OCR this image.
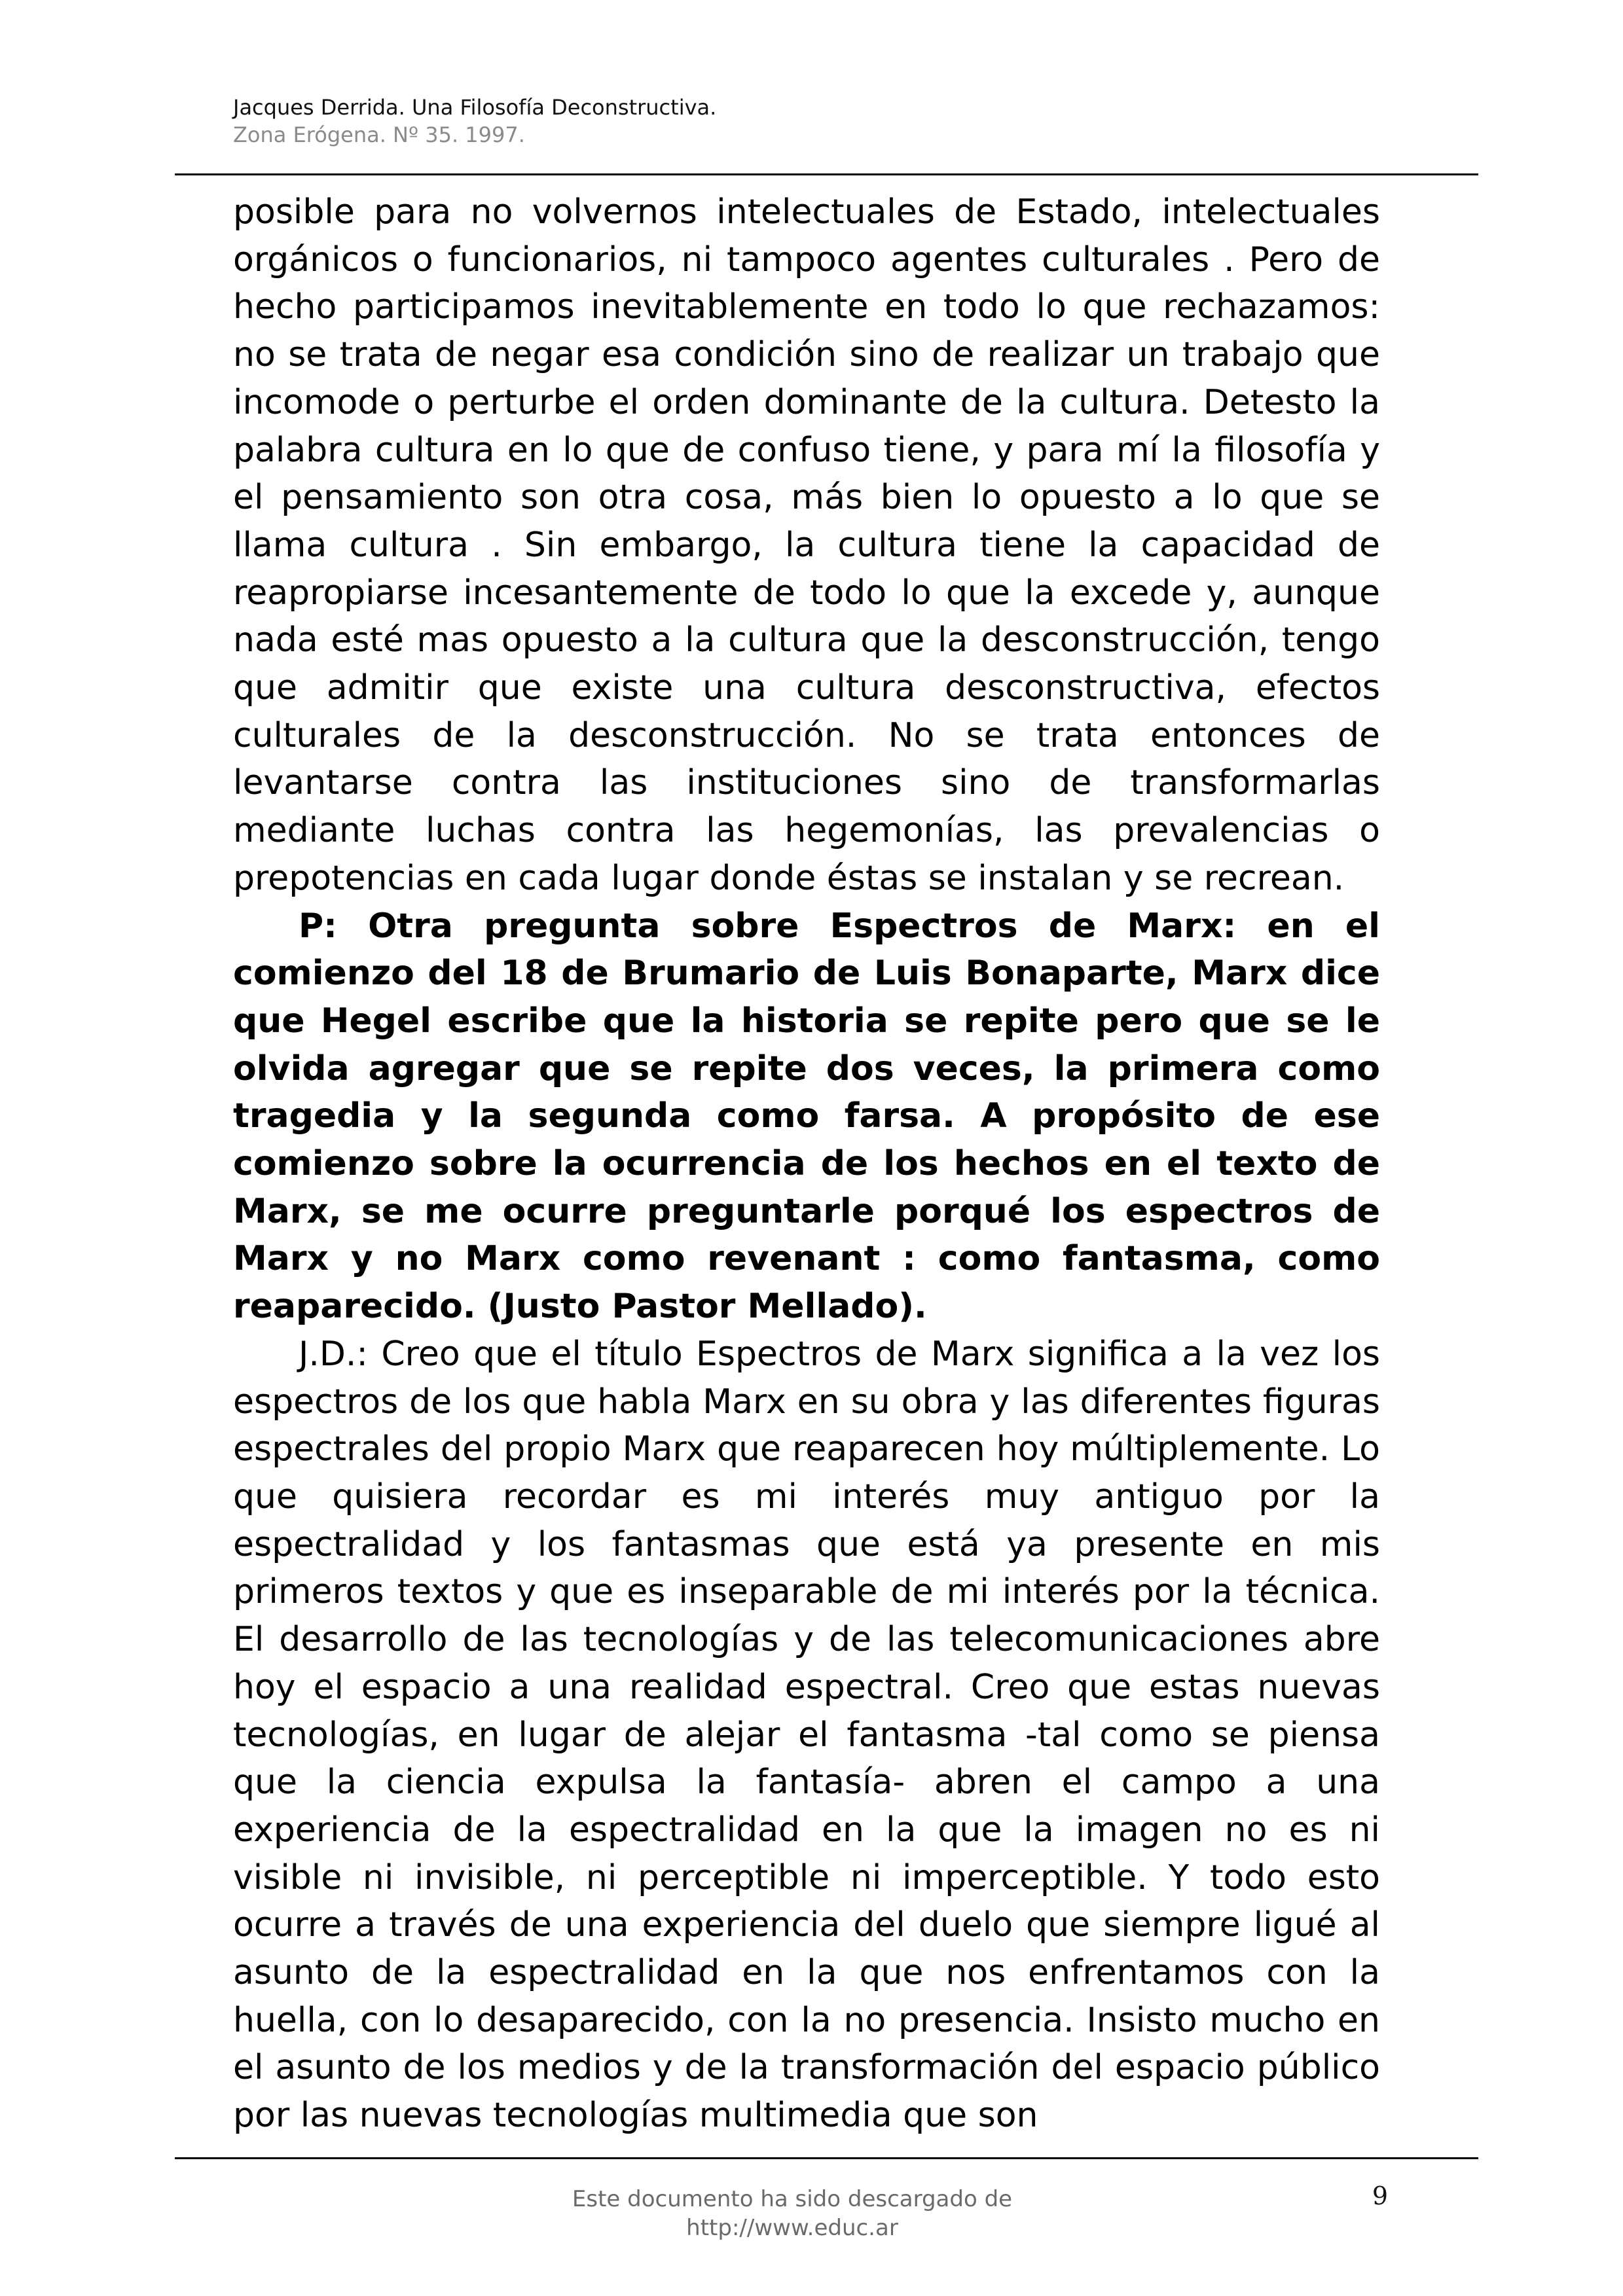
Jacques Derrida. Una Filosofía Deconstructiva.
Zona Erógena. Nº 35. 1997.

posible para no volvernos intelectuales de Estado, intelectuales orgánicos o funcionarios, ni tampoco agentes culturales . Pero de hecho participamos inevitablemente en todo lo que rechazamos: no se trata de negar esa condición sino de realizar un trabajo que incomode o perturbe el orden dominante de la cultura. Detesto la palabra cultura en lo que de confuso tiene, y para mí la filosofía y el pensamiento son otra cosa, más bien lo opuesto a lo que se llama cultura . Sin embargo, la cultura tiene la capacidad de reapropiarse incesantemente de todo lo que la excede y, aunque nada esté mas opuesto a la cultura que la desconstrucción, tengo que admitir que existe una cultura desconstructiva, efectos culturales de la desconstrucción. No se trata entonces de levantarse contra las instituciones sino de transformarlas mediante luchas contra las hegemonías, las prevalencias o prepotencias en cada lugar donde éstas se instalan y se recrean.

P: Otra pregunta sobre Espectros de Marx: en el comienzo del 18 de Brumario de Luis Bonaparte, Marx dice que Hegel escribe que la historia se repite pero que se le olvida agregar que se repite dos veces, la primera como tragedia y la segunda como farsa. A propósito de ese comienzo sobre la ocurrencia de los hechos en el texto de Marx, se me ocurre preguntarle porqué los espectros de Marx y no Marx como revenant : como fantasma, como reaparecido. (Justo Pastor Mellado).

J.D.: Creo que el título Espectros de Marx significa a la vez los espectros de los que habla Marx en su obra y las diferentes figuras espectrales del propio Marx que reaparecen hoy múltiplemente. Lo que quisiera recordar es mi interés muy antiguo por la espectralidad y los fantasmas que está ya presente en mis primeros textos y que es inseparable de mi interés por la técnica. El desarrollo de las tecnologías y de las telecomunicaciones abre hoy el espacio a una realidad espectral. Creo que estas nuevas tecnologías, en lugar de alejar el fantasma -tal como se piensa que la ciencia expulsa la fantasía- abren el campo a una experiencia de la espectralidad en la que la imagen no es ni visible ni invisible, ni perceptible ni imperceptible. Y todo esto ocurre a través de una experiencia del duelo que siempre ligué al asunto de la espectralidad en la que nos enfrentamos con la huella, con lo desaparecido, con la no presencia. Insisto mucho en el asunto de los medios y de la transformación del espacio público por las nuevas tecnologías multimedia que son

Este documento ha sido descargado de
http://www.educ.ar
9
